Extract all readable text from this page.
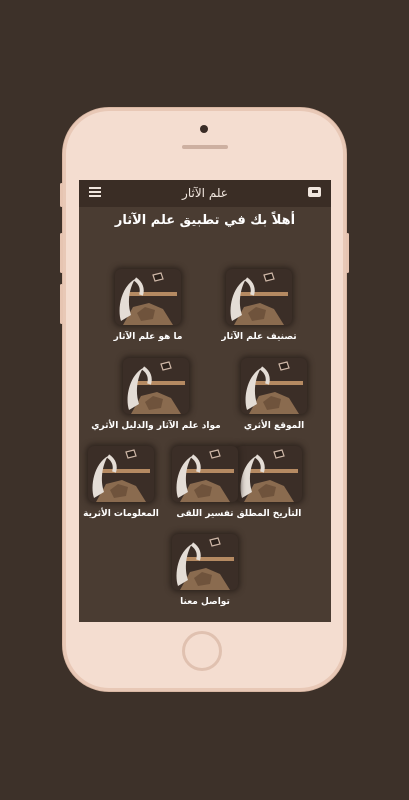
علم الآثار
أهلاً بك في تطبيق علم الآثار
تصنيف علم الآثار
ما هو علم الآثار
الموقع الأثري
مواد علم الآثار والدليل الأثري
التأريخ المطلق
تفسير اللقى
المعلومات الأثرية
تواصل معنا
